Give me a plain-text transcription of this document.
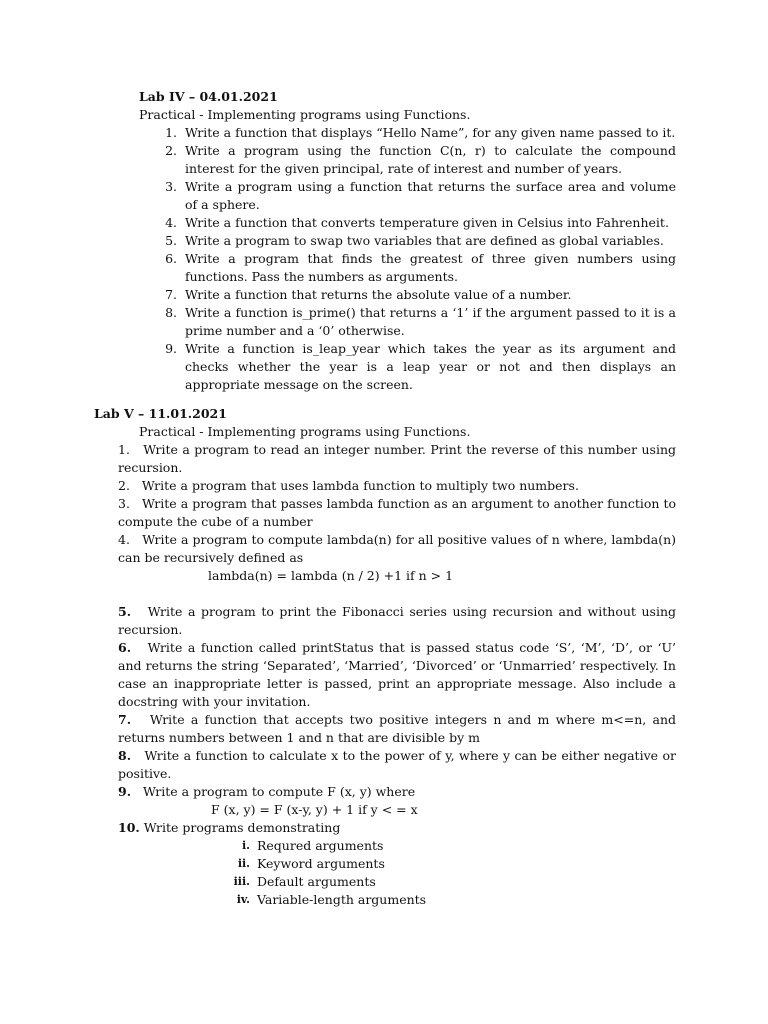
Lab IV – 04.01.2021

Practical - Implementing programs using Functions.

1. Write a function that displays “Hello Name”, for any given name passed to it.
2. Write a program using the function C(n, r) to calculate the compound interest for the given principal, rate of interest and number of years.
3. Write a program using a function that returns the surface area and volume of a sphere.
4. Write a function that converts temperature given in Celsius into Fahrenheit.
5. Write a program to swap two variables that are defined as global variables.
6. Write a program that finds the greatest of three given numbers using functions. Pass the numbers as arguments.
7. Write a function that returns the absolute value of a number.
8. Write a function is_prime() that returns a ‘1’ if the argument passed to it is a prime number and a ‘0’ otherwise.
9. Write a function is_leap_year which takes the year as its argument and checks whether the year is a leap year or not and then displays an appropriate message on the screen.

Lab V – 11.01.2021

Practical - Implementing programs using Functions.

1. Write a program to read an integer number. Print the reverse of this number using recursion.
2. Write a program that uses lambda function to multiply two numbers.
3. Write a program that passes lambda function as an argument to another function to compute the cube of a number
4. Write a program to compute lambda(n) for all positive values of n where, lambda(n) can be recursively defined as
lambda(n) = lambda (n / 2) +1 if n > 1
5. Write a program to print the Fibonacci series using recursion and without using recursion.
6. Write a function called printStatus that is passed status code ‘S’, ‘M’, ‘D’, or ‘U’ and returns the string ‘Separated’, ‘Married’, ‘Divorced’ or ‘Unmarried’ respectively. In case an inappropriate letter is passed, print an appropriate message. Also include a docstring with your invitation.
7. Write a function that accepts two positive integers n and m where m<=n, and returns numbers between 1 and n that are divisible by m
8. Write a function to calculate x to the power of y, where y can be either negative or positive.
9. Write a program to compute F (x, y) where
F (x, y) = F (x-y, y) + 1 if y < = x
10. Write programs demonstrating
i. Requred arguments
ii. Keyword arguments
iii. Default arguments
iv. Variable-length arguments
